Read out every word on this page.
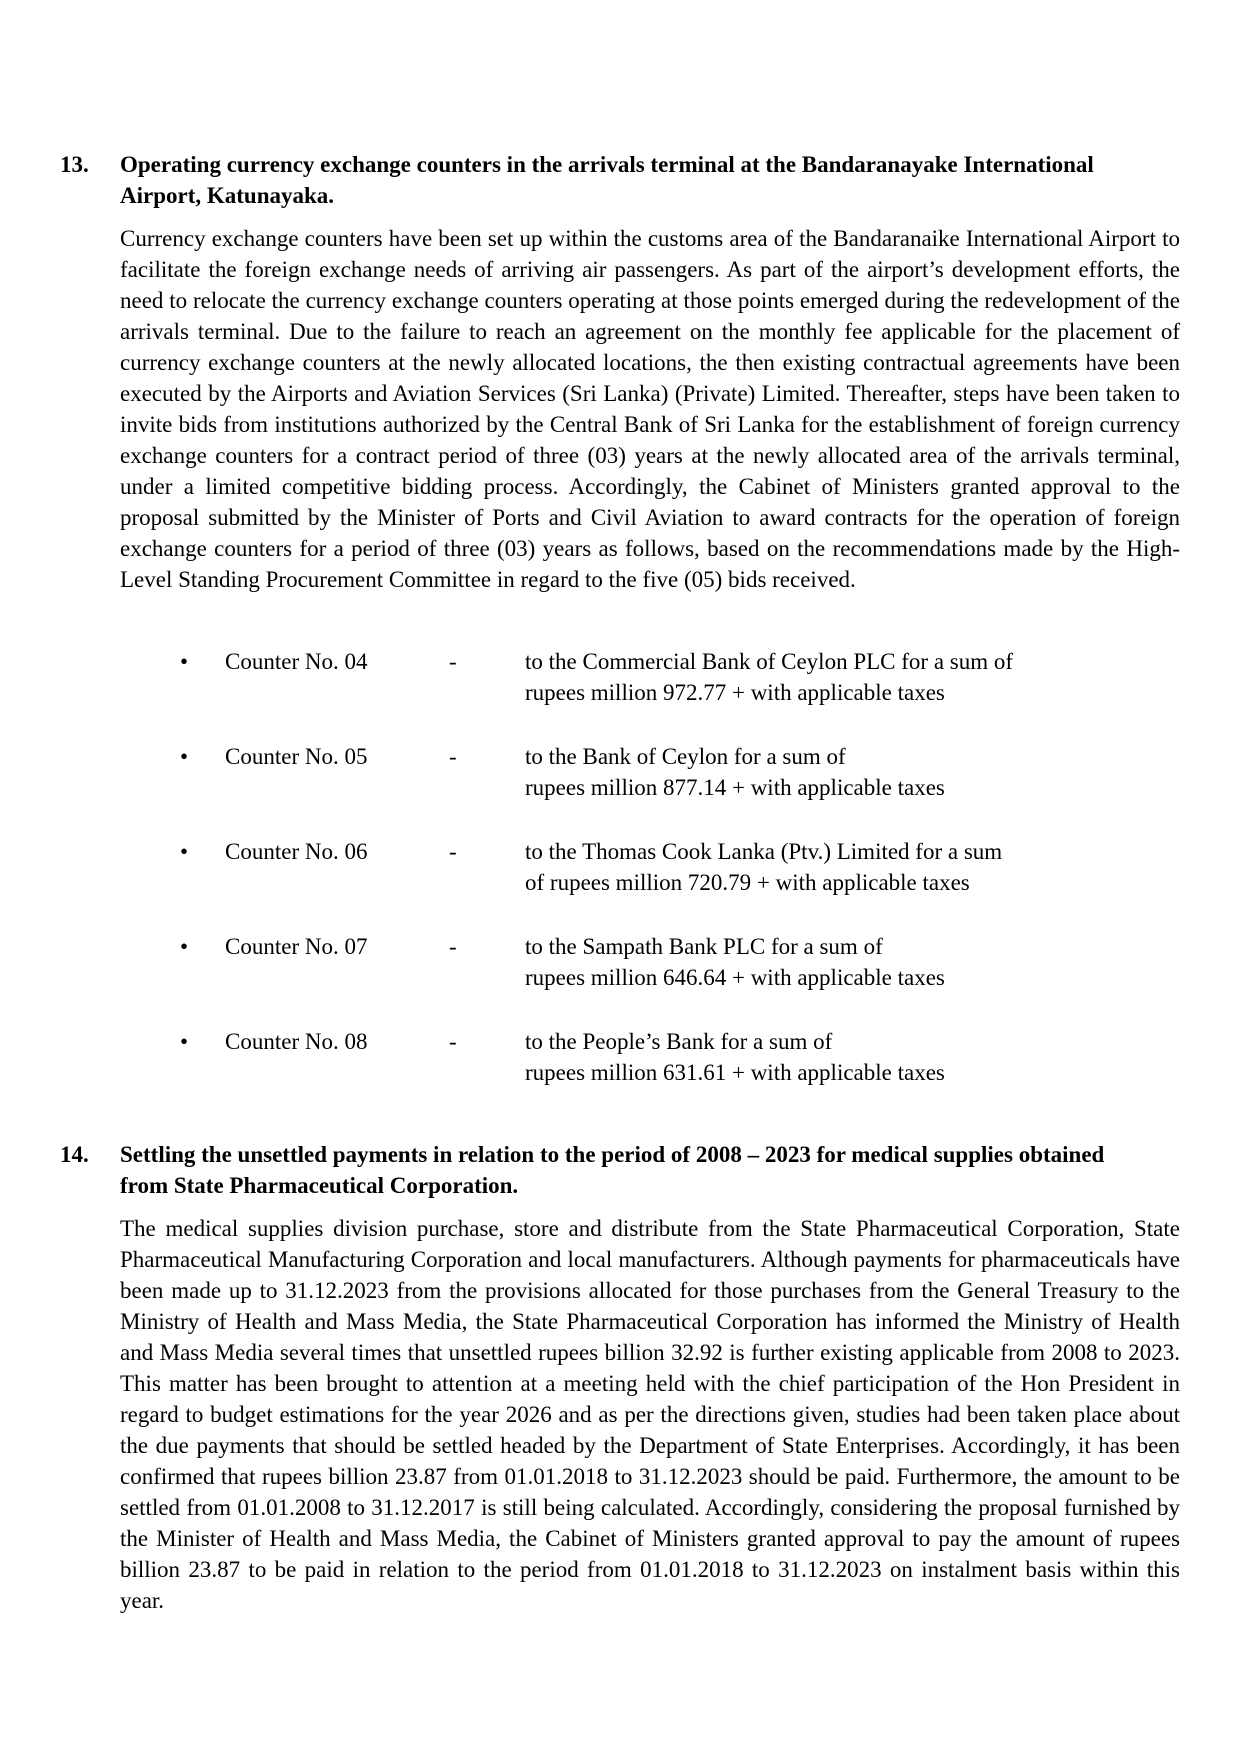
13.	Operating currency exchange counters in the arrivals terminal at the Bandaranayake International
Airport, Katunayaka.
Currency exchange counters have been set up within the customs area of the Bandaranaike International Airport to facilitate the foreign exchange needs of arriving air passengers. As part of the airport’s development efforts, the need to relocate the currency exchange counters operating at those points emerged during the redevelopment of the arrivals terminal. Due to the failure to reach an agreement on the monthly fee applicable for the placement of currency exchange counters at the newly allocated locations, the then existing contractual agreements have been executed by the Airports and Aviation Services (Sri Lanka) (Private) Limited. Thereafter, steps have been taken to invite bids from institutions authorized by the Central Bank of Sri Lanka for the establishment of foreign currency exchange counters for a contract period of three (03) years at the newly allocated area of the arrivals terminal, under a limited competitive bidding process. Accordingly, the Cabinet of Ministers granted approval to the proposal submitted by the Minister of Ports and Civil Aviation to award contracts for the operation of foreign exchange counters for a period of three (03) years as follows, based on the recommendations made by the High-Level Standing Procurement Committee in regard to the five (05) bids received.
• Counter No. 04	-	to the Commercial Bank of Ceylon PLC for a sum of
rupees million 972.77 + with applicable taxes
• Counter No. 05	-	to the Bank of Ceylon for a sum of
rupees million 877.14 + with applicable taxes
• Counter No. 06	-	to the Thomas Cook Lanka (Ptv.) Limited for a sum
of rupees million 720.79 + with applicable taxes
• Counter No. 07	-	to the Sampath Bank PLC for a sum of
rupees million 646.64 + with applicable taxes
• Counter No. 08	-	to the People’s Bank for a sum of
rupees million 631.61 + with applicable taxes
14.	Settling the unsettled payments in relation to the period of 2008 – 2023 for medical supplies obtained
from State Pharmaceutical Corporation.
The medical supplies division purchase, store and distribute from the State Pharmaceutical Corporation, State Pharmaceutical Manufacturing Corporation and local manufacturers. Although payments for pharmaceuticals have been made up to 31.12.2023 from the provisions allocated for those purchases from the General Treasury to the Ministry of Health and Mass Media, the State Pharmaceutical Corporation has informed the Ministry of Health and Mass Media several times that unsettled rupees billion 32.92 is further existing applicable from 2008 to 2023. This matter has been brought to attention at a meeting held with the chief participation of the Hon President in regard to budget estimations for the year 2026 and as per the directions given, studies had been taken place about the due payments that should be settled headed by the Department of State Enterprises. Accordingly, it has been confirmed that rupees billion 23.87 from 01.01.2018 to 31.12.2023 should be paid. Furthermore, the amount to be settled from 01.01.2008 to 31.12.2017 is still being calculated. Accordingly, considering the proposal furnished by the Minister of Health and Mass Media, the Cabinet of Ministers granted approval to pay the amount of rupees billion 23.87 to be paid in relation to the period from 01.01.2018 to 31.12.2023 on instalment basis within this year.
